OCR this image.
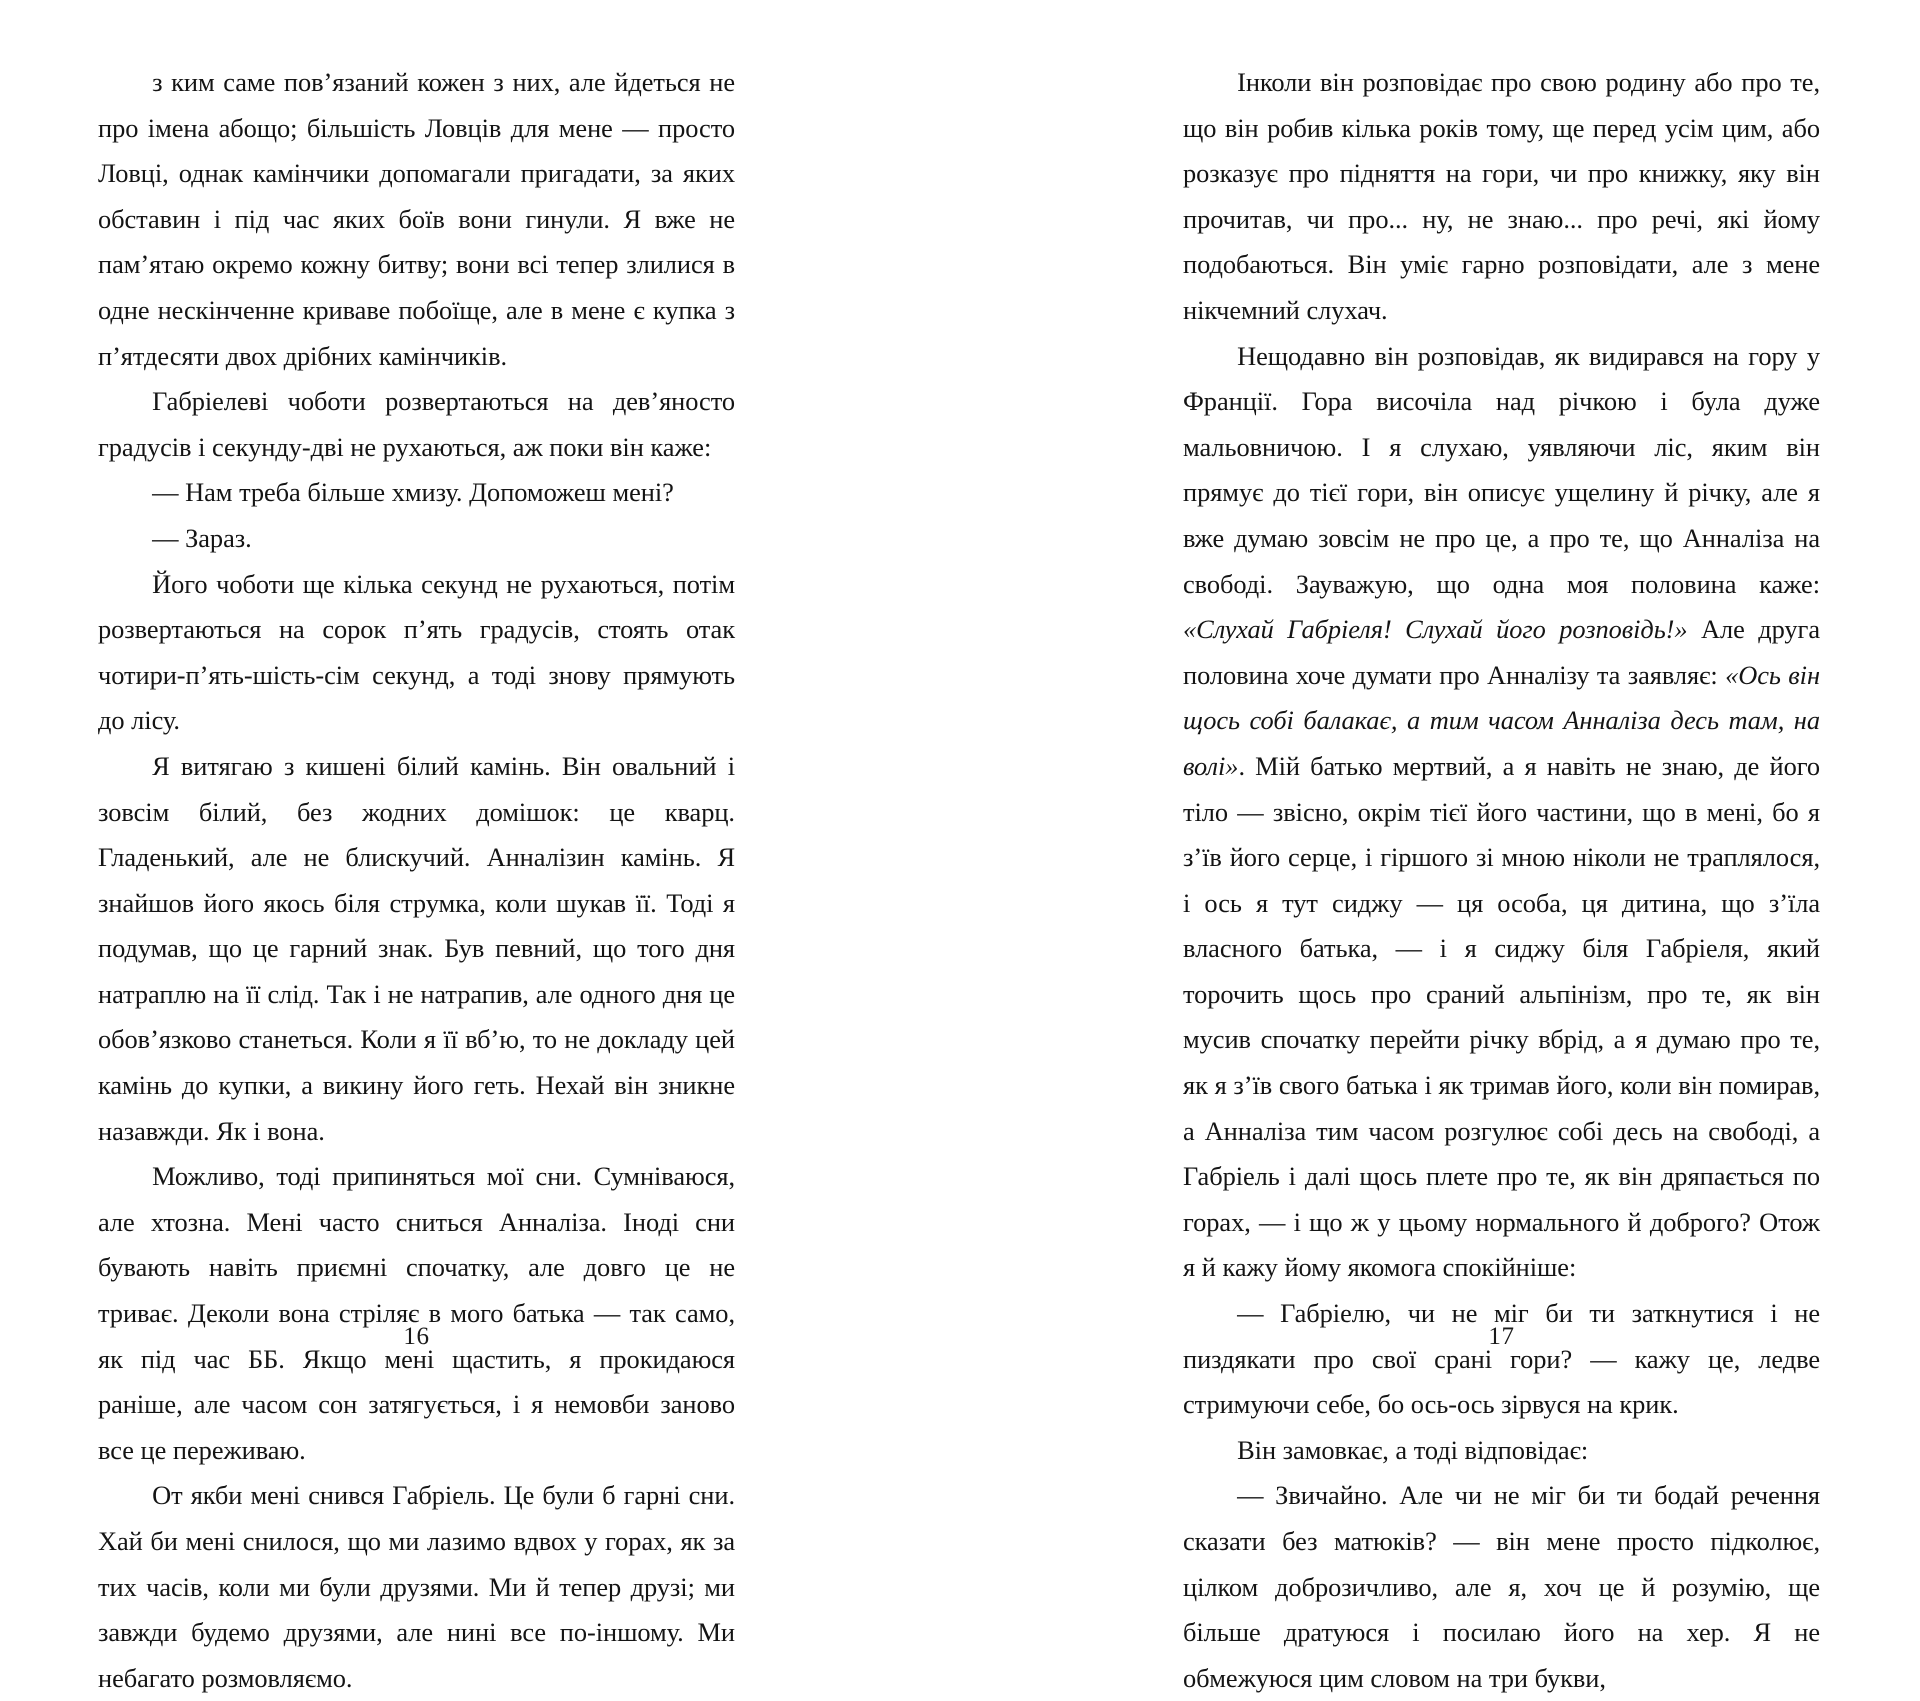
з ким саме пов’язаний кожен з них, але йдеться не про імена абощо; більшість Ловців для мене — просто Ловці, однак камінчики допомагали пригадати, за яких обставин і під час яких боїв вони гинули. Я вже не пам’ятаю окремо кожну битву; вони всі тепер злилися в одне нескінченне криваве побоїще, але в мене є купка з п’ятдесяти двох дрібних камінчиків.

Габріелеві чоботи розвертаються на дев’яносто градусів і секунду-дві не рухаються, аж поки він каже:

— Нам треба більше хмизу. Допоможеш мені?

— Зараз.

Його чоботи ще кілька секунд не рухаються, потім розвертаються на сорок п’ять градусів, стоять отак чотири-п’ять-шість-сім секунд, а тоді знову прямують до лісу.

Я витягаю з кишені білий камінь. Він овальний і зовсім білий, без жодних домішок: це кварц. Гладенький, але не блискучий. Анналізин камінь. Я знайшов його якось біля струмка, коли шукав її. Тоді я подумав, що це гарний знак. Був певний, що того дня натраплю на її слід. Так і не натрапив, але одного дня це обов’язково станеться. Коли я її вб’ю, то не докладу цей камінь до купки, а викину його геть. Нехай він зникне назавжди. Як і вона.

Можливо, тоді припиняться мої сни. Сумніваюся, але хтозна. Мені часто сниться Анналіза. Іноді сни бувають навіть приємні спочатку, але довго це не триває. Деколи вона стріляє в мого батька — так само, як під час ББ. Якщо мені щастить, я прокидаюся раніше, але часом сон затягується, і я немовби заново все це переживаю.

От якби мені снився Габріель. Це були б гарні сни. Хай би мені снилося, що ми лазимо вдвох у горах, як за тих часів, коли ми були друзями. Ми й тепер друзі; ми завжди будемо друзями, але нині все по-іншому. Ми небагато розмовляємо.

16

Інколи він розповідає про свою родину або про те, що він робив кілька років тому, ще перед усім цим, або розказує про підняття на гори, чи про книжку, яку він прочитав, чи про... ну, не знаю... про речі, які йому подобаються. Він уміє гарно розповідати, але з мене нікчемний слухач.

Нещодавно він розповідав, як видирався на гору у Франції. Гора височіла над річкою і була дуже мальовничою. І я слухаю, уявляючи ліс, яким він прямує до тієї гори, він описує ущелину й річку, але я вже думаю зовсім не про це, а про те, що Анналіза на свободі. Зауважую, що одна моя половина каже: «Слухай Габріеля! Слухай його розповідь!» Але друга половина хоче думати про Анналізу та заявляє: «Ось він щось собі балакає, а тим часом Анналіза десь там, на волі». Мій батько мертвий, а я навіть не знаю, де його тіло — звісно, окрім тієї його частини, що в мені, бо я з’їв його серце, і гіршого зі мною ніколи не траплялося, і ось я тут сиджу — ця особа, ця дитина, що з’їла власного батька, — і я сиджу біля Габріеля, який торочить щось про сраний альпінізм, про те, як він мусив спочатку перейти річку вбрід, а я думаю про те, як я з’їв свого батька і як тримав його, коли він помирав, а Анналіза тим часом розгулює собі десь на свободі, а Габріель і далі щось плете про те, як він дряпається по горах, — і що ж у цьому нормального й доброго? Отож я й кажу йому якомога спокійніше:

— Габріелю, чи не міг би ти заткнутися і не пиздякати про свої срані гори? — кажу це, ледве стримуючи себе, бо ось-ось зірвуся на крик.

Він замовкає, а тоді відповідає:

— Звичайно. Але чи не міг би ти бодай речення сказати без матюків? — він мене просто підколює, цілком доброзичливо, але я, хоч це й розумію, ще більше дратуюся і посилаю його на хер. Я не обмежуюся цим словом на три букви,

17
